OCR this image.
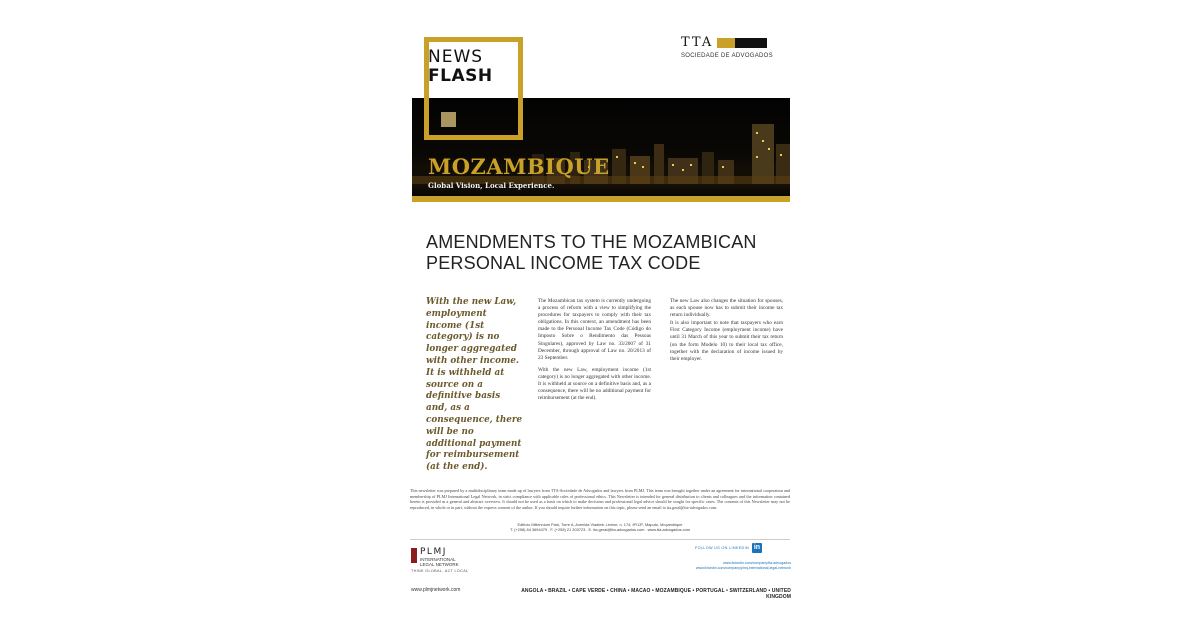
NEWS
FLASH
TTA
SOCIEDADE DE ADVOGADOS
MOZAMBIQUE
Global Vision, Local Experience.
AMENDMENTS TO THE MOZAMBICAN
PERSONAL INCOME TAX CODE
With the new Law, employment income (1st category) is no longer aggregated with other income. It is withheld at source on a definitive basis and, as a consequence, there will be no additional payment for reimbursement (at the end).

The Mozambican tax system is currently undergoing a process of reform with a view to simplifying the procedures for taxpayers to comply with their tax obligations. In this context, an amendment has been made to the Personal Income Tax Code (Código do Imposto Sobre o Rendimento das Pessoas Singulares), approved by Law no. 33/2007 of 31 December, through approval of Law no. 20/2013 of 23 September.

With the new Law, employment income (1st category) is no longer aggregated with other income. It is withheld at source on a definitive basis and, as a consequence, there will be no additional payment for reimbursement (at the end).

The new Law also changes the situation for spouses, as each spouse now has to submit their income tax return individually.

It is also important to note that taxpayers who earn First Category Income (employment income) have until 31 March of this year to submit their tax return (on the form Modelo 10) to their local tax office, together with the declaration of income issued by their employer.

This newsletter was prepared by a multidisciplinary team made up of lawyers from TTA-Sociedade de Advogados and lawyers from PLMJ. This team was brought together under an agreement for international cooperation and membership of PLMJ International Legal Network, in strict compliance with applicable rules of professional ethics. This Newsletter is intended for general distribution to clients and colleagues and the information contained herein is provided as a general and abstract overview. It should not be used as a basis on which to make decisions and professional legal advice should be sought for specific cases. The contents of this Newsletter may not be reproduced, in whole or in part, without the express consent of the author. If you should require further information on this topic, please send an email to tta.geral@tta-advogados.com.
Edifício Millennium Park, Torre A, Avenida Vladimir Lenine, n. 174, 6º/13º, Maputo, Moçambique
T. (+258) 84 3694479 . F. (+258) 21 303723 . E. tta.geral@tta-advogados.com . www.tta-advogados.com
PLMJ
INTERNATIONAL
LEGAL NETWORK
THINK GLOBAL, ACT LOCAL
FOLLOW US ON LINKEDIN in
www.linkedin.com/company/tta-advogados
www.linkedin.com/company/plmj-international-legal-network
www.plmjnetwork.com	ANGOLA • BRAZIL • CAPE VERDE • CHINA • MACAO • MOZAMBIQUE • PORTUGAL • SWITZERLAND • UNITED KINGDOM
